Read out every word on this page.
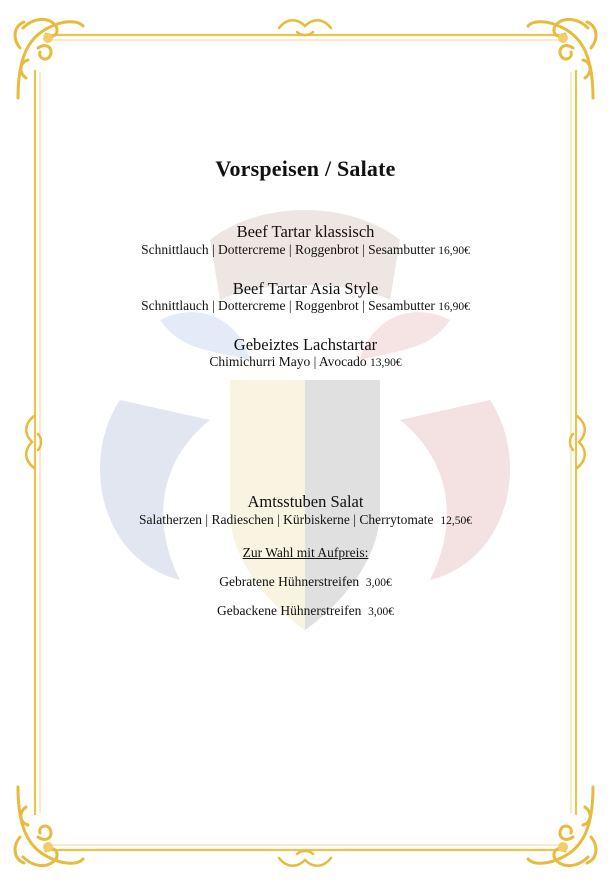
Vorspeisen / Salate
Beef Tartar klassisch
Schnittlauch | Dottercreme | Roggenbrot | Sesambutter 16,90€
Beef Tartar Asia Style
Schnittlauch | Dottercreme | Roggenbrot | Sesambutter 16,90€
Gebeiztes Lachstartar
Chimichurri Mayo | Avocado 13,90€
Amtsstuben Salat
Salatherzen | Radieschen | Kürbiskerne | Cherrytomate 12,50€
Zur Wahl mit Aufpreis:
Gebratene Hühnerstreifen 3,00€
Gebackene Hühnerstreifen 3,00€
